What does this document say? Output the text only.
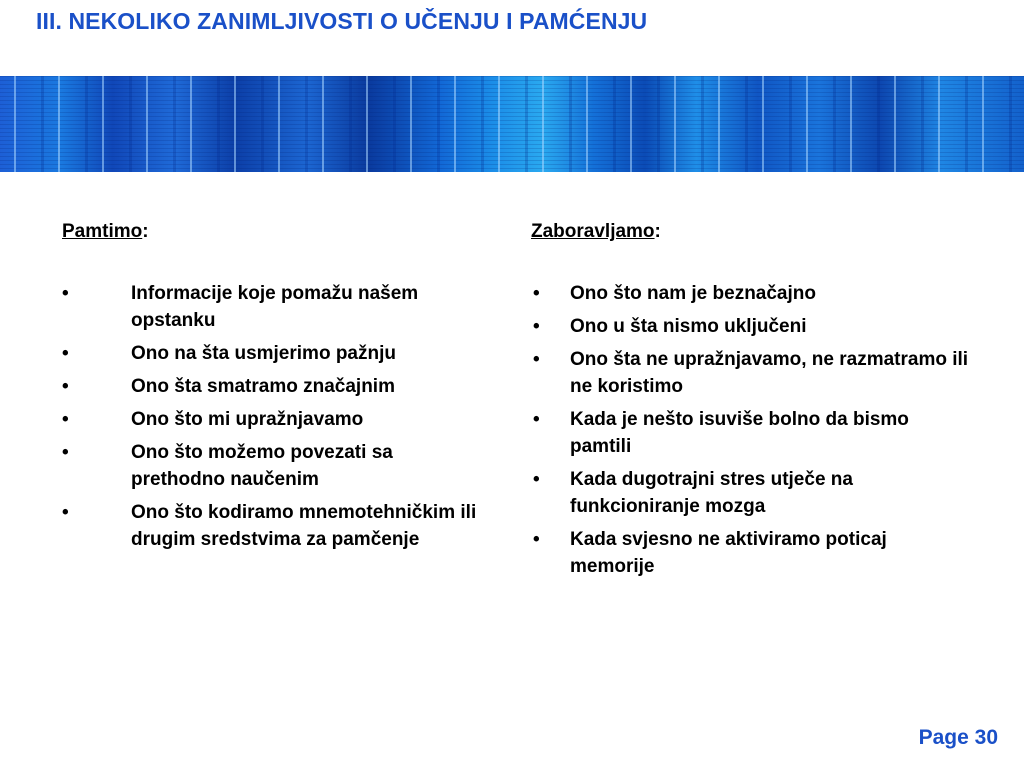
III. NEKOLIKO ZANIMLJIVOSTI O UČENJU I PAMĆENJU

Pamtimo:

•	Informacije koje pomažu našem opstanku
•	Ono na šta usmjerimo pažnju
•	Ono šta smatramo značajnim
•	Ono što mi upražnjavamo
•	Ono što možemo povezati sa prethodno naučenim
•	Ono što kodiramo mnemotehničkim ili drugim sredstvima za pamčenje

Zaboravljamo:

• Ono što nam je beznačajno
• Ono u šta nismo uključeni
• Ono šta ne upražnjavamo, ne razmatramo ili ne koristimo
• Kada je nešto isuviše bolno da bismo pamtili
• Kada dugotrajni stres utječe na funkcioniranje mozga
• Kada svjesno ne aktiviramo poticaj memorije
Page 30
